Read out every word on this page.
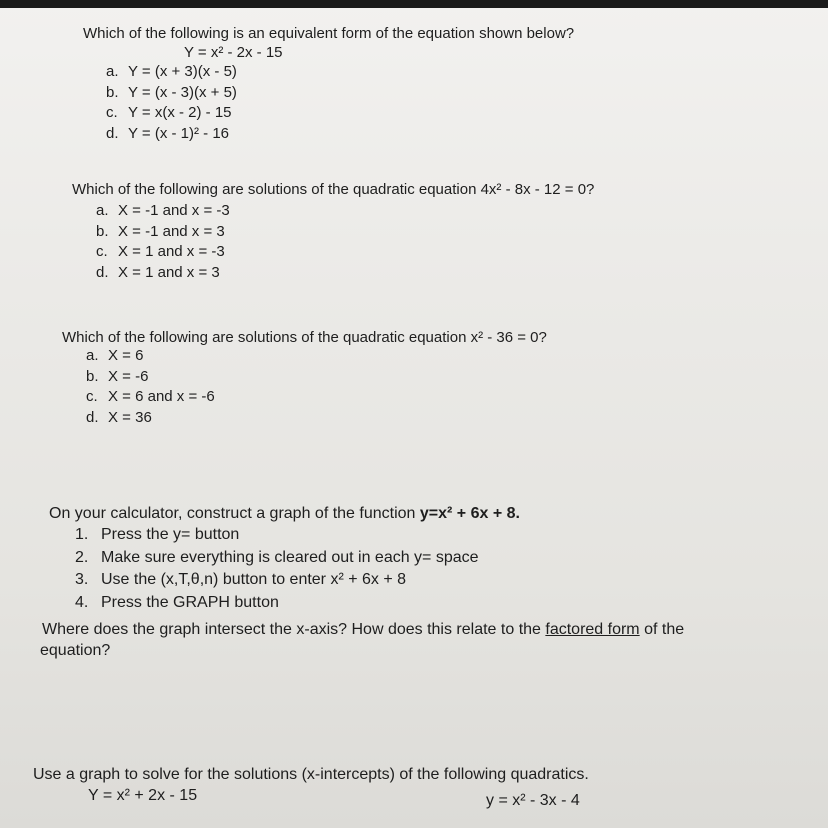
Which of the following is an equivalent form of the equation shown below?
Y = x² - 2x - 15
a. Y = (x + 3)(x - 5)
b. Y = (x - 3)(x + 5)
c. Y = x(x - 2) - 15
d. Y = (x - 1)² - 16
Which of the following are solutions of the quadratic equation 4x² - 8x - 12 = 0?
a. X = -1 and x = -3
b. X = -1 and x = 3
c. X = 1 and x = -3
d. X = 1 and x = 3
Which of the following are solutions of the quadratic equation x² - 36 = 0?
a. X = 6
b. X = -6
c. X = 6 and x = -6
d. X = 36
On your calculator, construct a graph of the function y=x² + 6x + 8.
1. Press the y= button
2. Make sure everything is cleared out in each y= space
3. Use the (x,T,θ,n) button to enter x² + 6x + 8
4. Press the GRAPH button
Where does the graph intersect the x-axis? How does this relate to the factored form of the
equation?
Use a graph to solve for the solutions (x-intercepts) of the following quadratics.
Y = x² + 2x - 15	y = x² - 3x - 4
